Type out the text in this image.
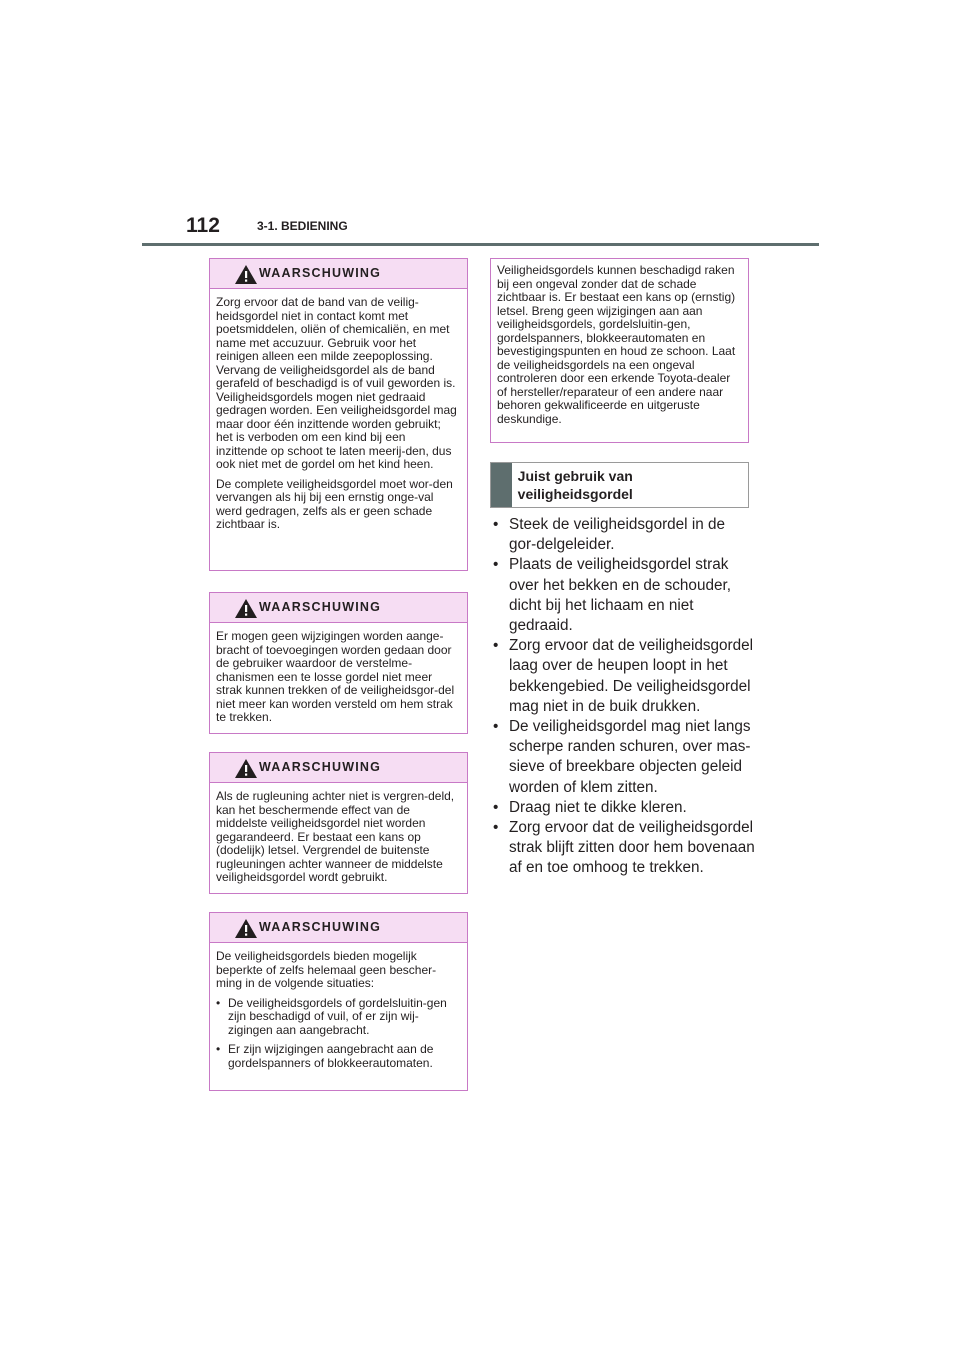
112	3-1. BEDIENING
WAARSCHUWING

Zorg ervoor dat de band van de veilig-heidsgordel niet in contact komt met poetsmiddelen, oliën of chemicaliën, en met name met accuzuur. Gebruik voor het reinigen alleen een milde zeepoplossing. Vervang de veiligheidsgordel als de band gerafeld of beschadigd is of vuil geworden is. Veiligheidsgordels mogen niet gedraaid gedragen worden. Een veiligheidsgordel mag maar door één inzittende worden gebruikt; het is verboden om een kind bij een inzittende op schoot te laten meerij-den, dus ook niet met de gordel om het kind heen.

De complete veiligheidsgordel moet wor-den vervangen als hij bij een ernstig onge-val werd gedragen, zelfs als er geen schade zichtbaar is.

WAARSCHUWING

Er mogen geen wijzigingen worden aange-bracht of toevoegingen worden gedaan door de gebruiker waardoor de verstelme-chanismen een te losse gordel niet meer strak kunnen trekken of de veiligheidsgor-del niet meer kan worden versteld om hem strak te trekken.

WAARSCHUWING

Als de rugleuning achter niet is vergren-deld, kan het beschermende effect van de middelste veiligheidsgordel niet worden gegarandeerd. Er bestaat een kans op (dodelijk) letsel. Vergrendel de buitenste rugleuningen achter wanneer de middelste veiligheidsgordel wordt gebruikt.

WAARSCHUWING

De veiligheidsgordels bieden mogelijk beperkte of zelfs helemaal geen bescher-ming in de volgende situaties:

• De veiligheidsgordels of gordelsluitin-gen zijn beschadigd of vuil, of er zijn wij-zigingen aan aangebracht.
• Er zijn wijzigingen aangebracht aan de gordelspanners of blokkeerautomaten.
Veiligheidsgordels kunnen beschadigd raken bij een ongeval zonder dat de schade zichtbaar is. Er bestaat een kans op (ernstig) letsel. Breng geen wijzigingen aan aan veiligheidsgordels, gordelsluitin-gen, gordelspanners, blokkeerautomaten en bevestigingspunten en houd ze schoon. Laat de veiligheidsgordels na een ongeval controleren door een erkende Toyota-dealer of hersteller/reparateur of een andere naar behoren gekwalificeerde en uitgeruste deskundige.
Juist gebruik van veiligheidsgordel
• Steek de veiligheidsgordel in de gor-delgeleider.
• Plaats de veiligheidsgordel strak over het bekken en de schouder, dicht bij het lichaam en niet gedraaid.
• Zorg ervoor dat de veiligheidsgordel laag over de heupen loopt in het bekkengebied. De veiligheidsgordel mag niet in de buik drukken.
• De veiligheidsgordel mag niet langs scherpe randen schuren, over mas-sieve of breekbare objecten geleid worden of klem zitten.
• Draag niet te dikke kleren.
• Zorg ervoor dat de veiligheidsgordel strak blijft zitten door hem bovenaan af en toe omhoog te trekken.
